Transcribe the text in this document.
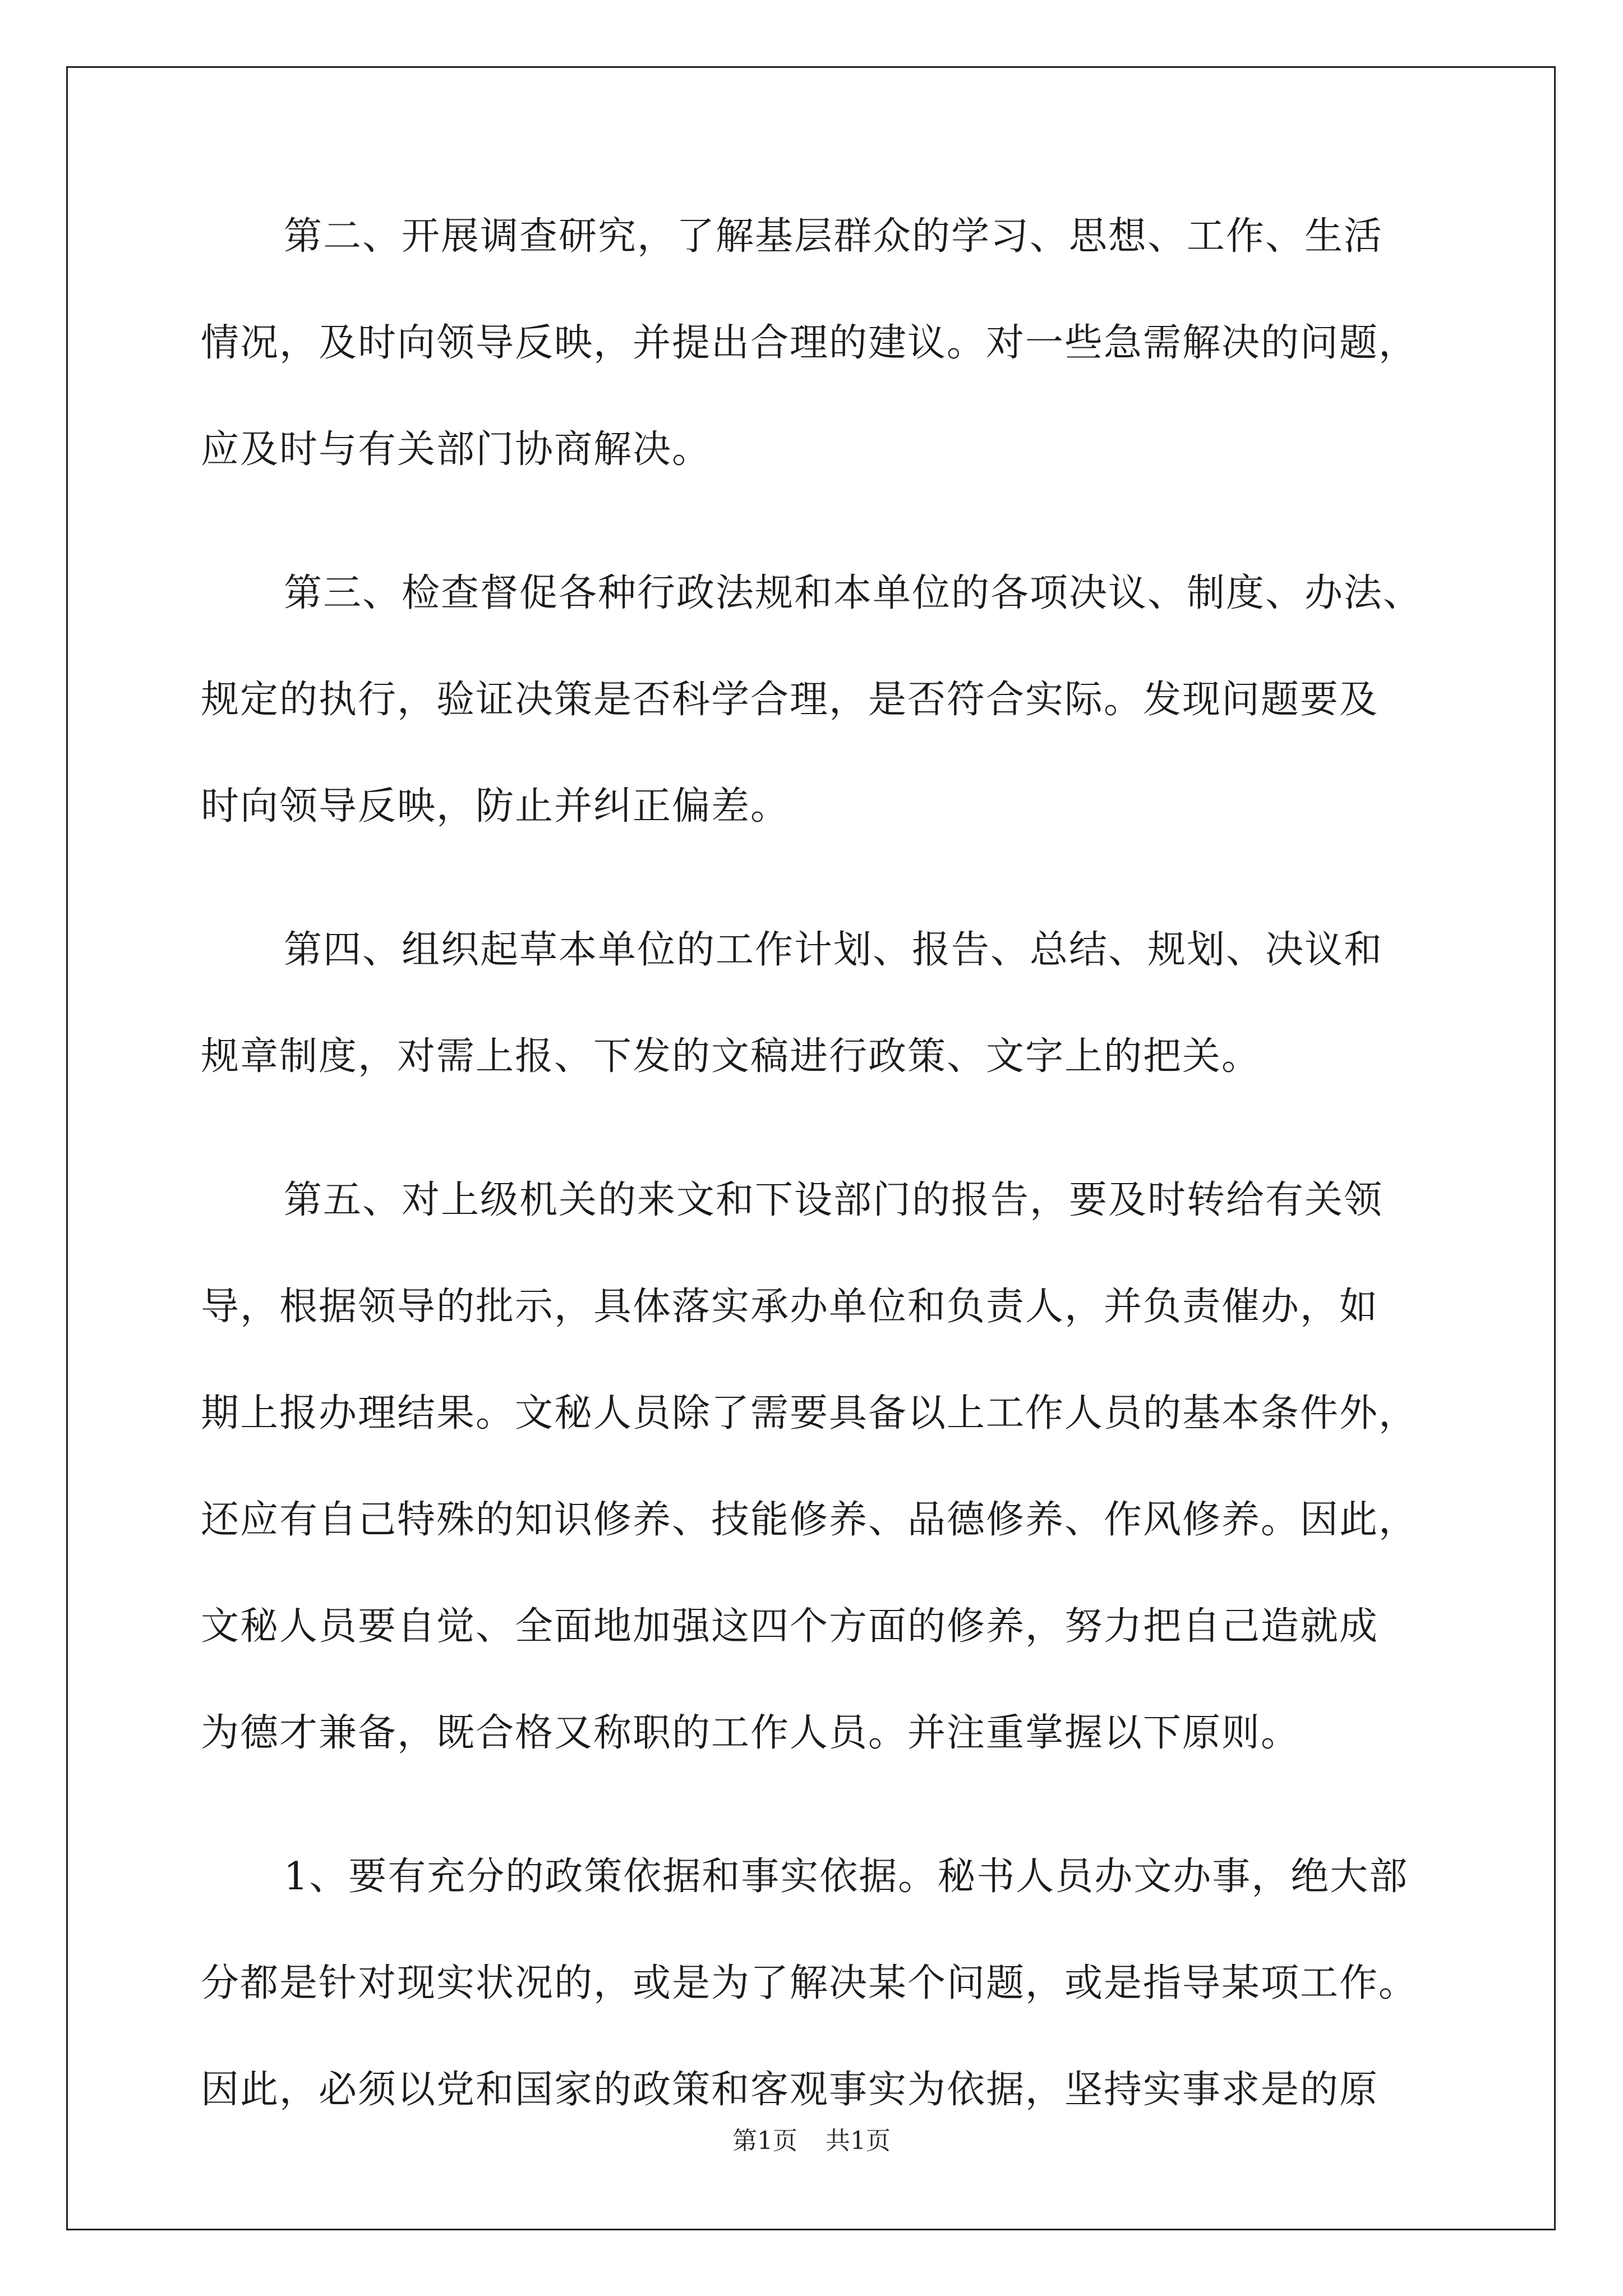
第二、开展调查研究，了解基层群众的学习、思想、工作、生活
情况，及时向领导反映，并提出合理的建议。对一些急需解决的问题，
应及时与有关部门协商解决。
第三、检查督促各种行政法规和本单位的各项决议、制度、办法、
规定的执行，验证决策是否科学合理，是否符合实际。发现问题要及
时向领导反映，防止并纠正偏差。
第四、组织起草本单位的工作计划、报告、总结、规划、决议和
规章制度，对需上报、下发的文稿进行政策、文字上的把关。
第五、对上级机关的来文和下设部门的报告，要及时转给有关领
导，根据领导的批示，具体落实承办单位和负责人，并负责催办，如
期上报办理结果。文秘人员除了需要具备以上工作人员的基本条件外，
还应有自己特殊的知识修养、技能修养、品德修养、作风修养。因此，
文秘人员要自觉、全面地加强这四个方面的修养，努力把自己造就成
为德才兼备，既合格又称职的工作人员。并注重掌握以下原则。
1、要有充分的政策依据和事实依据。秘书人员办文办事，绝大部
分都是针对现实状况的，或是为了解决某个问题，或是指导某项工作。
因此，必须以党和国家的政策和客观事实为依据，坚持实事求是的原
第1页 共1页
